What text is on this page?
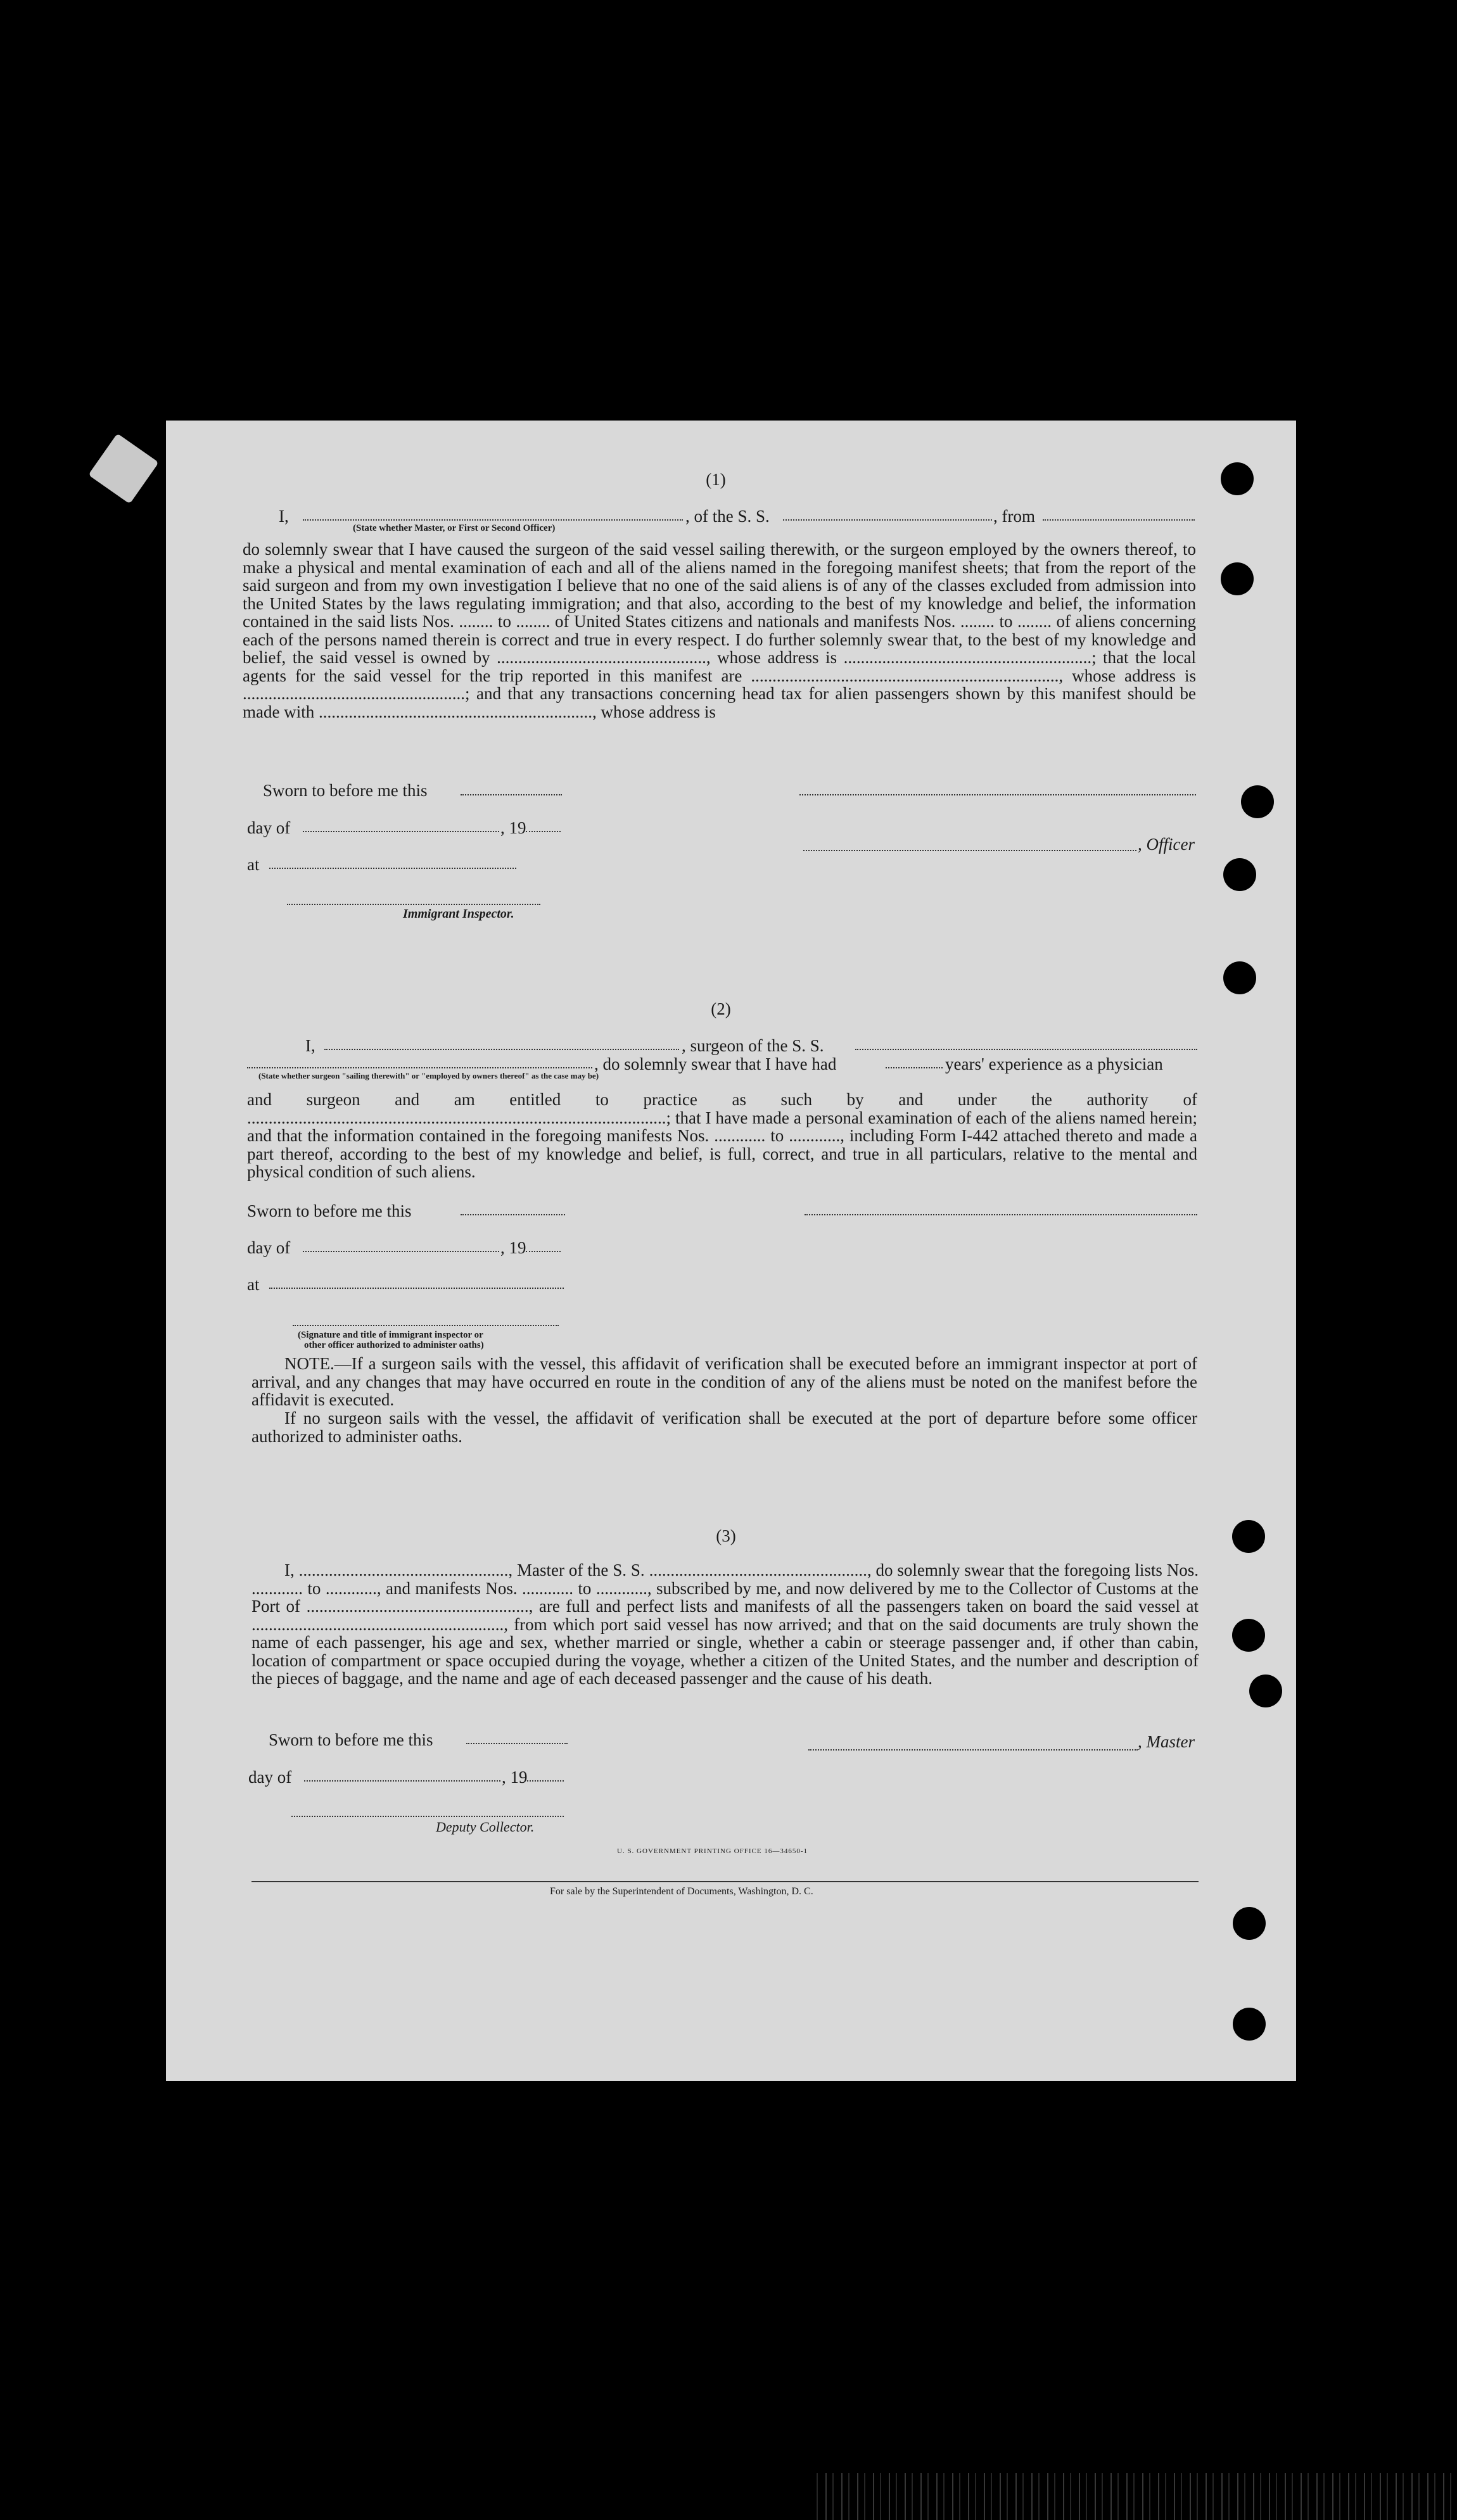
(1)
I,	, of the S. S.	, from
(State whether Master, or First or Second Officer)
do solemnly swear that I have caused the surgeon of the said vessel sailing therewith, or the surgeon employed by the owners thereof, to make a physical and mental examination of each and all of the aliens named in the foregoing manifest sheets; that from the report of the said surgeon and from my own investigation I believe that no one of the said aliens is of any of the classes excluded from admission into the United States by the laws regulating immigration; and that also, according to the best of my knowledge and belief, the information contained in the said lists Nos. ........ to ........ of United States citizens and nationals and manifests Nos. ........ to ........ of aliens concerning each of the persons named therein is correct and true in every respect. I do further solemnly swear that, to the best of my knowledge and belief, the said vessel is owned by ................................................., whose address is ..........................................................; that the local agents for the said vessel for the trip reported in this manifest are ........................................................................, whose address is ....................................................; and that any transactions concerning head tax for alien passengers shown by this manifest should be made with ................................................................, whose address is
Sworn to before me this
day of	, 19
, Officer
at
Immigrant Inspector.
(2)
I,	, surgeon of the S. S.
, do solemnly swear that I have had	years' experience as a physician
(State whether surgeon "sailing therewith" or "employed by owners thereof" as the case may be)
and surgeon and am entitled to practice as such by and under the authority of ..................................................................................................; that I have made a personal examination of each of the aliens named herein; and that the information contained in the foregoing manifests Nos. ............ to ............, including Form I-442 attached thereto and made a part thereof, according to the best of my knowledge and belief, is full, correct, and true in all particulars, relative to the mental and physical condition of such aliens.
Sworn to before me this
day of	, 19
at
(Signature and title of immigrant inspector or
other officer authorized to administer oaths)

NOTE.—If a surgeon sails with the vessel, this affidavit of verification shall be executed before an immigrant inspector at port of arrival, and any changes that may have occurred en route in the condition of any of the aliens must be noted on the manifest before the affidavit is executed.

If no surgeon sails with the vessel, the affidavit of verification shall be executed at the port of departure before some officer authorized to administer oaths.

(3)
I, ................................................., Master of the S. S. ..................................................., do solemnly swear that the foregoing lists Nos. ............ to ............, and manifests Nos. ............ to ............, subscribed by me, and now delivered by me to the Collector of Customs at the Port of ...................................................., are full and perfect lists and manifests of all the passengers taken on board the said vessel at ..........................................................., from which port said vessel has now arrived; and that on the said documents are truly shown the name of each passenger, his age and sex, whether married or single, whether a cabin or steerage passenger and, if other than cabin, location of compartment or space occupied during the voyage, whether a citizen of the United States, and the number and description of the pieces of baggage, and the name and age of each deceased passenger and the cause of his death.
Sworn to before me this	, Master
day of	, 19
Deputy Collector.
U. S. GOVERNMENT PRINTING OFFICE 16—34650-1
For sale by the Superintendent of Documents, Washington, D. C.
